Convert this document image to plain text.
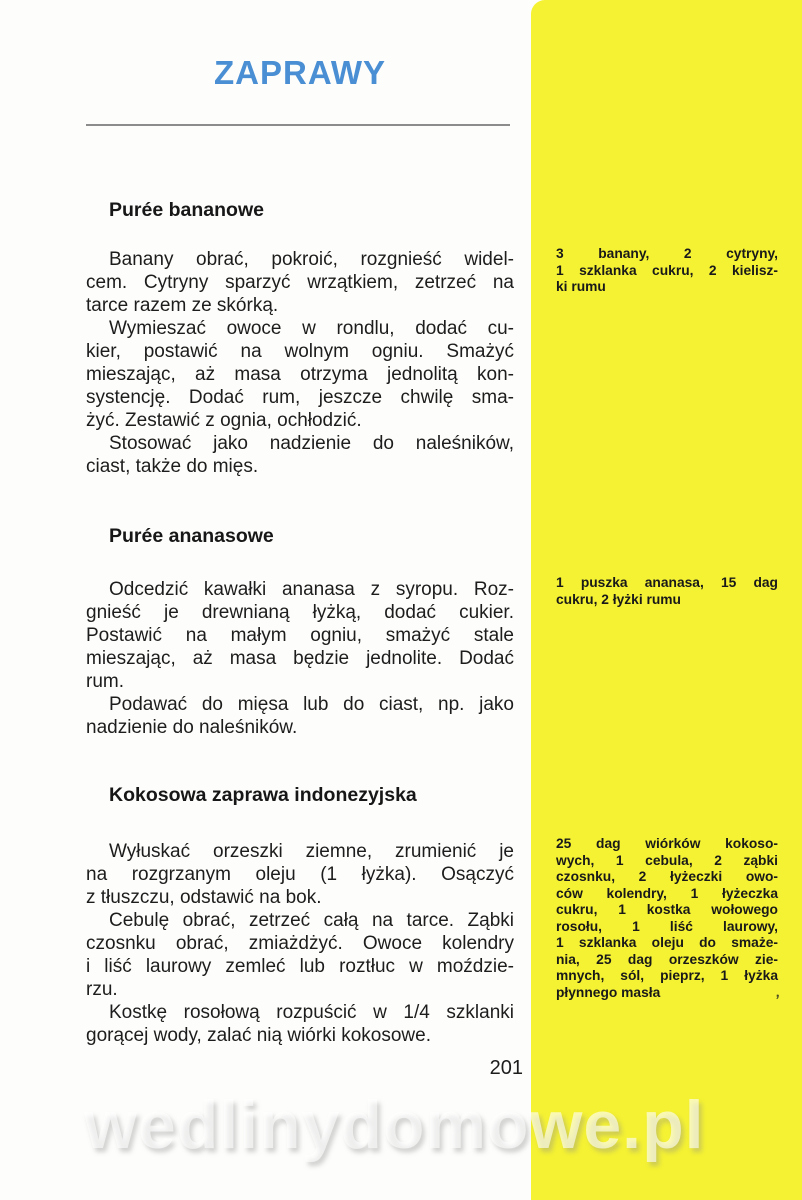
ZAPRAWY
Purée bananowe
Banany obrać, pokroić, rozgnieść widel-
cem. Cytryny sparzyć wrzątkiem, zetrzeć na
tarce razem ze skórką.
Wymieszać owoce w rondlu, dodać cu-
kier, postawić na wolnym ogniu. Smażyć
mieszając, aż masa otrzyma jednolitą kon-
systencję. Dodać rum, jeszcze chwilę sma-
żyć. Zestawić z ognia, ochłodzić.
Stosować jako nadzienie do naleśników,
ciast, także do mięs.
3 banany, 2 cytryny,
1 szklanka cukru, 2 kielisz-
ki rumu
Purée ananasowe
Odcedzić kawałki ananasa z syropu. Roz-
gnieść je drewnianą łyżką, dodać cukier.
Postawić na małym ogniu, smażyć stale
mieszając, aż masa będzie jednolite. Dodać
rum.
Podawać do mięsa lub do ciast, np. jako
nadzienie do naleśników.
1 puszka ananasa, 15 dag
cukru, 2 łyżki rumu
Kokosowa zaprawa indonezyjska
Wyłuskać orzeszki ziemne, zrumienić je
na rozgrzanym oleju (1 łyżka). Osączyć
z tłuszczu, odstawić na bok.
Cebulę obrać, zetrzeć całą na tarce. Ząbki
czosnku obrać, zmiażdżyć. Owoce kolendry
i liść laurowy zemleć lub roztłuc w moździe-
rzu.
Kostkę rosołową rozpuścić w 1/4 szklanki
gorącej wody, zalać nią wiórki kokosowe.
25 dag wiórków kokoso-
wych, 1 cebula, 2 ząbki
czosnku, 2 łyżeczki owo-
ców kolendry, 1 łyżeczka
cukru, 1 kostka wołowego
rosołu, 1 liść laurowy,
1 szklanka oleju do smaże-
nia, 25 dag orzeszków zie-
mnych, sól, pieprz, 1 łyżka
płynnego masła
201
wedlinydomowe.pl
’
